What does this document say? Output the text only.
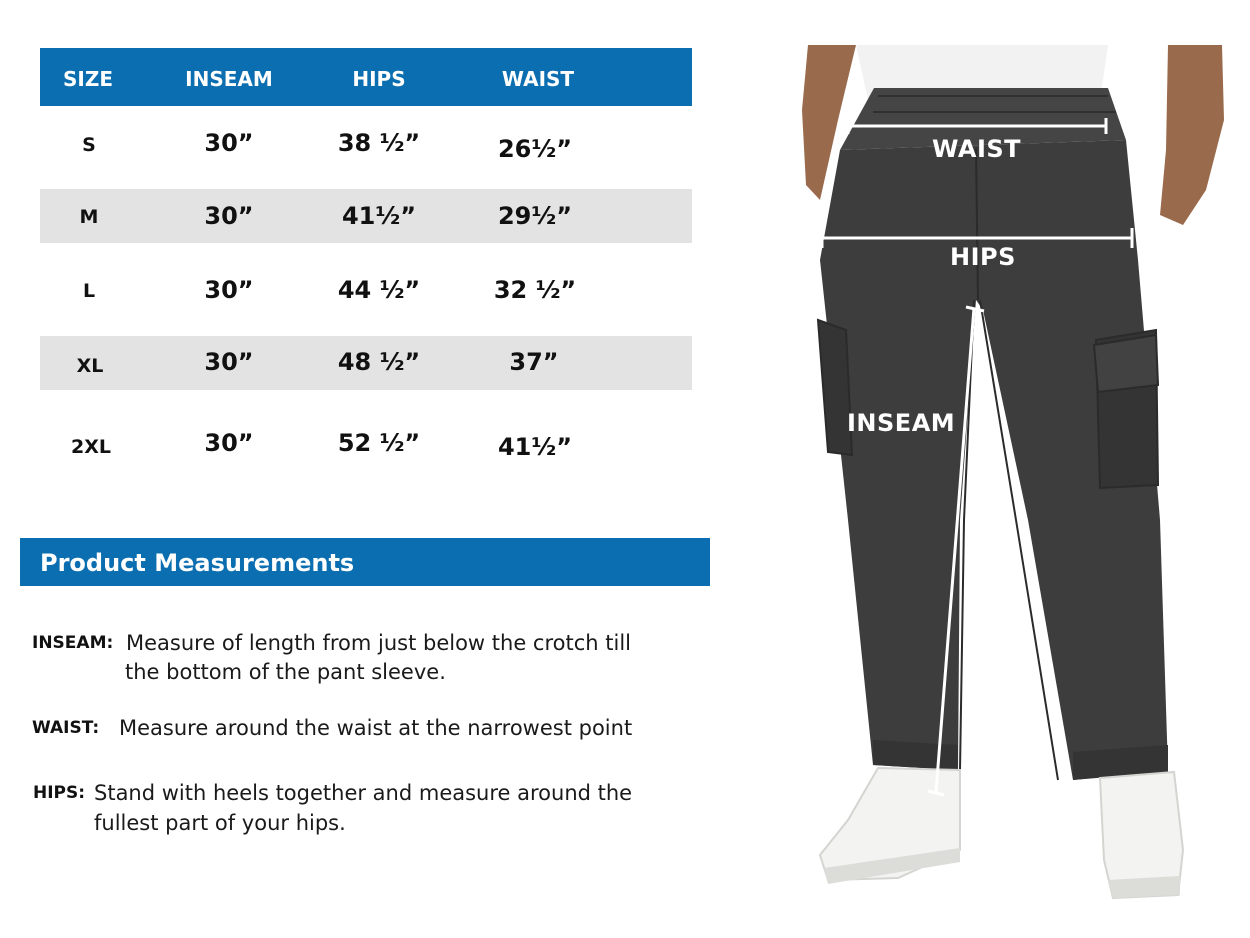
SIZE	INSEAM	HIPS	WAIST
S	30”	38 ½”	26½”
M	30”	41½”	29½”
L	30”	44 ½”	32 ½”
XL	30”	48 ½”	37”
2XL	30”	52 ½”	41½”
Product Measurements
INSEAM: Measure of length from just below the crotch till
the bottom of the pant sleeve.
WAIST: Measure around the waist at the narrowest point
HIPS: Stand with heels together and measure around the
fullest part of your hips.
WAIST
HIPS
INSEAM
